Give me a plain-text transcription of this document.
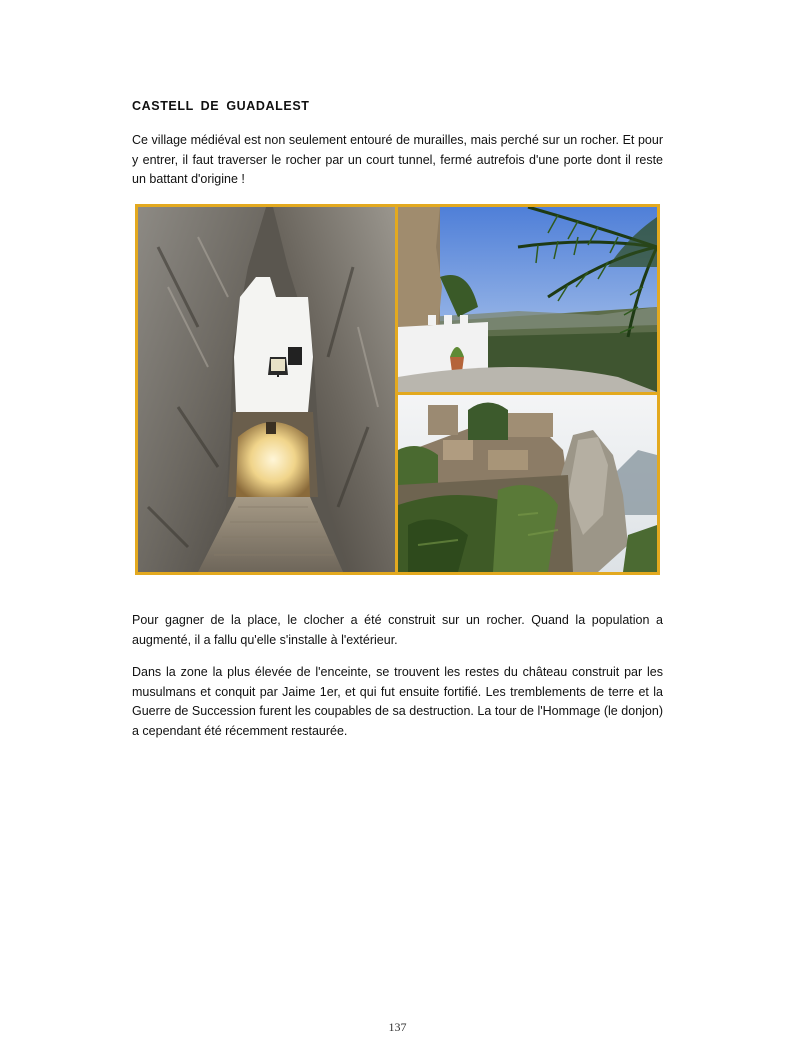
CASTELL DE GUADALEST

Ce village médiéval est non seulement entouré de murailles, mais perché sur un rocher. Et pour y entrer, il faut traverser le rocher par un court tunnel, fermé autrefois d'une porte dont il reste un battant d'origine !

Pour gagner de la place, le clocher a été construit sur un rocher. Quand la population a augmenté, il a fallu qu'elle s'installe à l'extérieur.

Dans la zone la plus élevée de l'enceinte, se trouvent les restes du château construit par les musulmans et conquit par Jaime 1er, et qui fut ensuite fortifié. Les tremblements de terre et la Guerre de Succession furent les coupables de sa destruction. La tour de l'Hommage (le donjon) a cependant été récemment restaurée.

137
